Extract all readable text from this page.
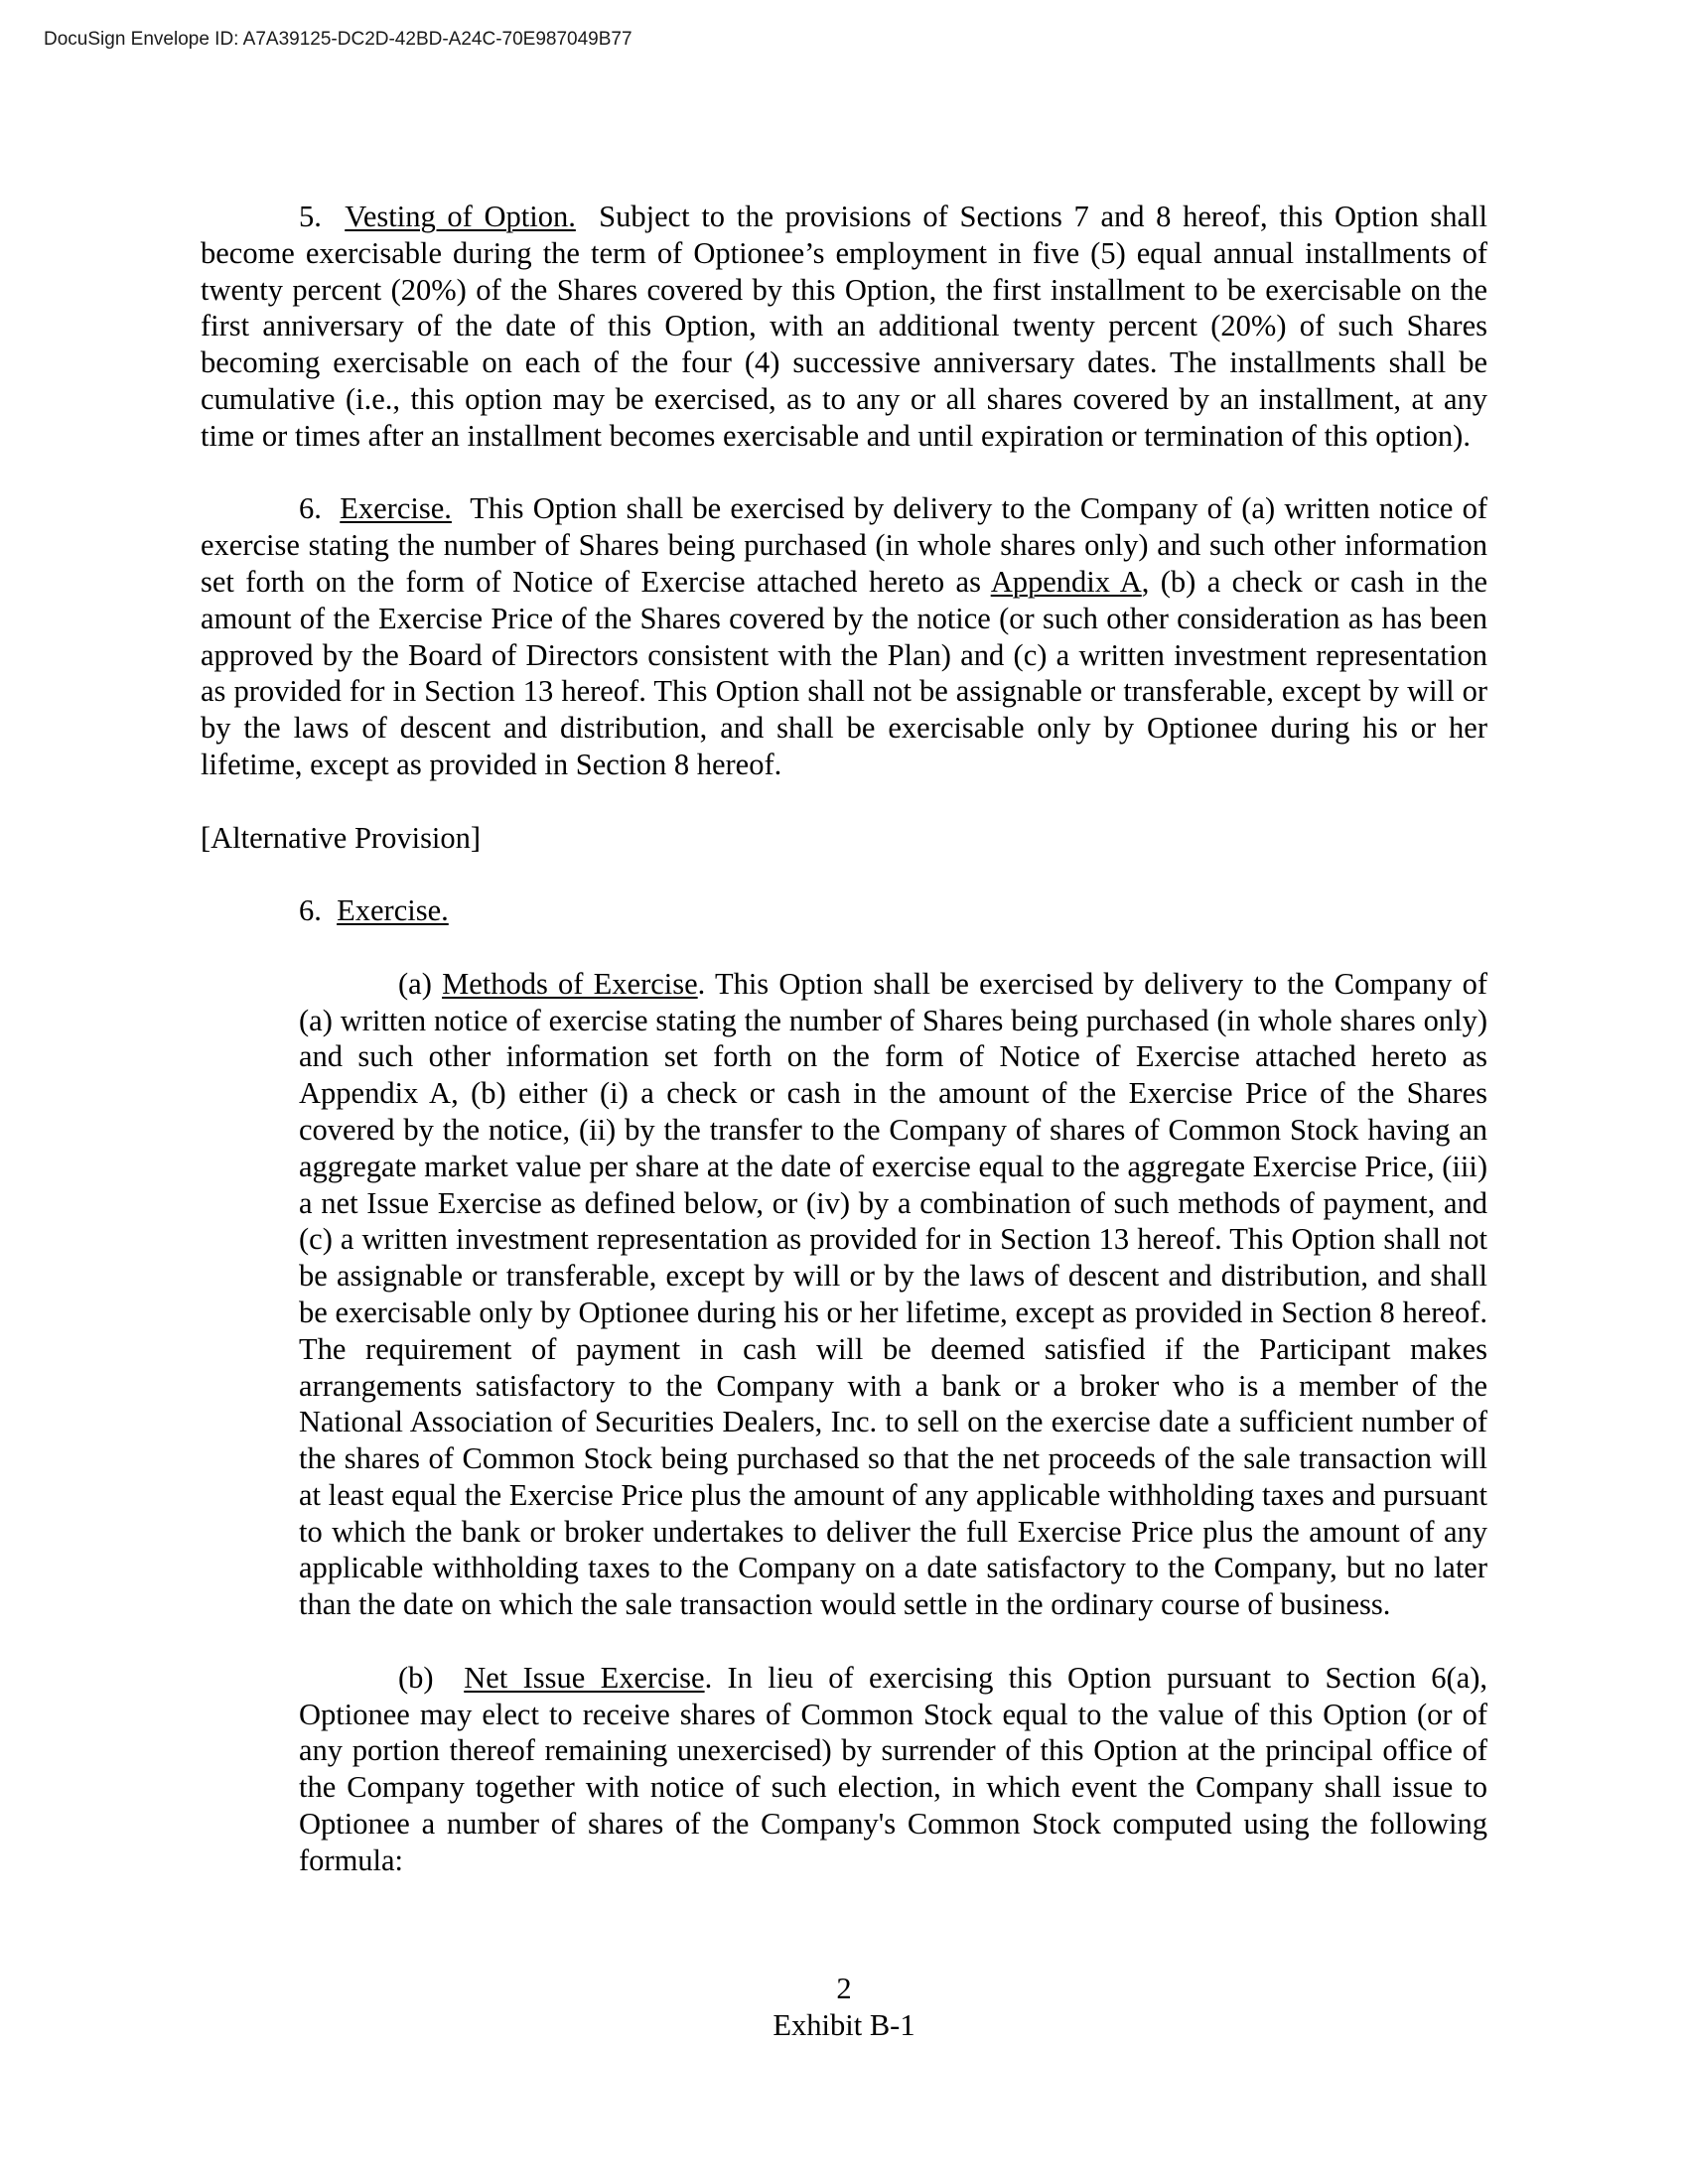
DocuSign Envelope ID: A7A39125-DC2D-42BD-A24C-70E987049B77

5. Vesting of Option. Subject to the provisions of Sections 7 and 8 hereof, this Option shall become exercisable during the term of Optionee’s employment in five (5) equal annual installments of twenty percent (20%) of the Shares covered by this Option, the first installment to be exercisable on the first anniversary of the date of this Option, with an additional twenty percent (20%) of such Shares becoming exercisable on each of the four (4) successive anniversary dates. The installments shall be cumulative (i.e., this option may be exercised, as to any or all shares covered by an installment, at any time or times after an installment becomes exercisable and until expiration or termination of this option).

6. Exercise. This Option shall be exercised by delivery to the Company of (a) written notice of exercise stating the number of Shares being purchased (in whole shares only) and such other information set forth on the form of Notice of Exercise attached hereto as Appendix A, (b) a check or cash in the amount of the Exercise Price of the Shares covered by the notice (or such other consideration as has been approved by the Board of Directors consistent with the Plan) and (c) a written investment representation as provided for in Section 13 hereof. This Option shall not be assignable or transferable, except by will or by the laws of descent and distribution, and shall be exercisable only by Optionee during his or her lifetime, except as provided in Section 8 hereof.

[Alternative Provision]

6. Exercise.

(a) Methods of Exercise. This Option shall be exercised by delivery to the Company of (a) written notice of exercise stating the number of Shares being purchased (in whole shares only) and such other information set forth on the form of Notice of Exercise attached hereto as Appendix A, (b) either (i) a check or cash in the amount of the Exercise Price of the Shares covered by the notice, (ii) by the transfer to the Company of shares of Common Stock having an aggregate market value per share at the date of exercise equal to the aggregate Exercise Price, (iii) a net Issue Exercise as defined below, or (iv) by a combination of such methods of payment, and (c) a written investment representation as provided for in Section 13 hereof. This Option shall not be assignable or transferable, except by will or by the laws of descent and distribution, and shall be exercisable only by Optionee during his or her lifetime, except as provided in Section 8 hereof. The requirement of payment in cash will be deemed satisfied if the Participant makes arrangements satisfactory to the Company with a bank or a broker who is a member of the National Association of Securities Dealers, Inc. to sell on the exercise date a sufficient number of the shares of Common Stock being purchased so that the net proceeds of the sale transaction will at least equal the Exercise Price plus the amount of any applicable withholding taxes and pursuant to which the bank or broker undertakes to deliver the full Exercise Price plus the amount of any applicable withholding taxes to the Company on a date satisfactory to the Company, but no later than the date on which the sale transaction would settle in the ordinary course of business.

(b) Net Issue Exercise. In lieu of exercising this Option pursuant to Section 6(a), Optionee may elect to receive shares of Common Stock equal to the value of this Option (or of any portion thereof remaining unexercised) by surrender of this Option at the principal office of the Company together with notice of such election, in which event the Company shall issue to Optionee a number of shares of the Company's Common Stock computed using the following formula:

2
Exhibit B-1
